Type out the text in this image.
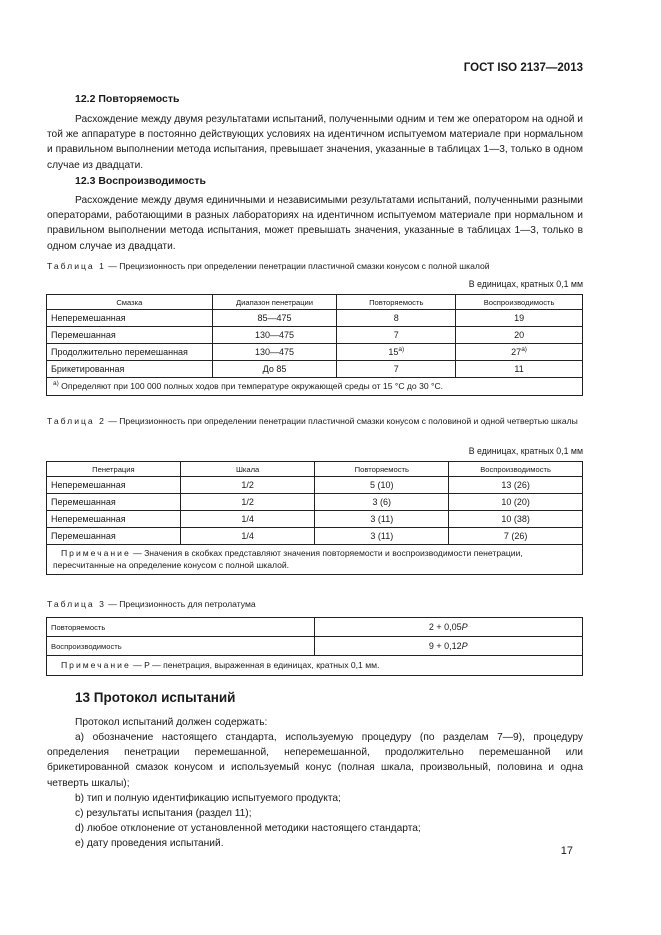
ГОСТ ISO 2137—2013
12.2 Повторяемость

Расхождение между двумя результатами испытаний, полученными одним и тем же оператором на одной и той же аппаратуре в постоянно действующих условиях на идентичном испытуемом материале при нормальном и правильном выполнении метода испытания, превышает значения, указанные в таблицах 1—3, только в одном случае из двадцати.

12.3 Воспроизводимость

Расхождение между двумя единичными и независимыми результатами испытаний, полученными разными операторами, работающими в разных лабораториях на идентичном испытуемом материале при нормальном и правильном выполнении метода испытания, может превышать значения, указанные в таблицах 1—3, только в одном случае из двадцати.

Таблица 1 — Прецизионность при определении пенетрации пластичной смазки конусом с полной шкалой
В единицах, кратных 0,1 мм
Смазка	Диапазон пенетрации	Повторяемость	Воспроизводимость
Неперемешанная	85—475	8	19
Перемешанная	130—475	7	20
Продолжительно перемешанная	130—475	15$^{a)}$	27$^{a)}$
Брикетированная	До 85	7	11
$^{a)}$ Определяют при 100 000 полных ходов при температуре окружающей среды от 15 °C до 30 °C.			
Таблица 2 — Прецизионность при определении пенетрации пластичной смазки конусом с половиной и одной четвертью шкалы
В единицах, кратных 0,1 мм
Пенетрация	Шкала	Повторяемость	Воспроизводимость
Неперемешанная	1/2	5 (10)	13 (26)
Перемешанная	1/2	3 (6)	10 (20)
Неперемешанная	1/4	3 (11)	10 (38)
Перемешанная	1/4	3 (11)	7 (26)
Примечание — Значения в скобках представляют значения повторяемости и воспроизводимости пенетрации, пересчитанные на определение конусом с полной шкалой.			
Таблица 3 — Прецизионность для петролатума
Повторяемость	2 + 0,05P
Воспроизводимость	9 + 0,12P
Примечание — P — пенетрация, выраженная в единицах, кратных 0,1 мм.	
13 Протокол испытаний

Протокол испытаний должен содержать:

а) обозначение настоящего стандарта, используемую процедуру (по разделам 7—9), процедуру определения пенетрации перемешанной, неперемешанной, продолжительно перемешанной или брикетированной смазок конусом и используемый конус (полная шкала, произвольный, половина и одна четверть шкалы);

b) тип и полную идентификацию испытуемого продукта;

c) результаты испытания (раздел 11);

d) любое отклонение от установленной методики настоящего стандарта;

e) дату проведения испытаний.

17
